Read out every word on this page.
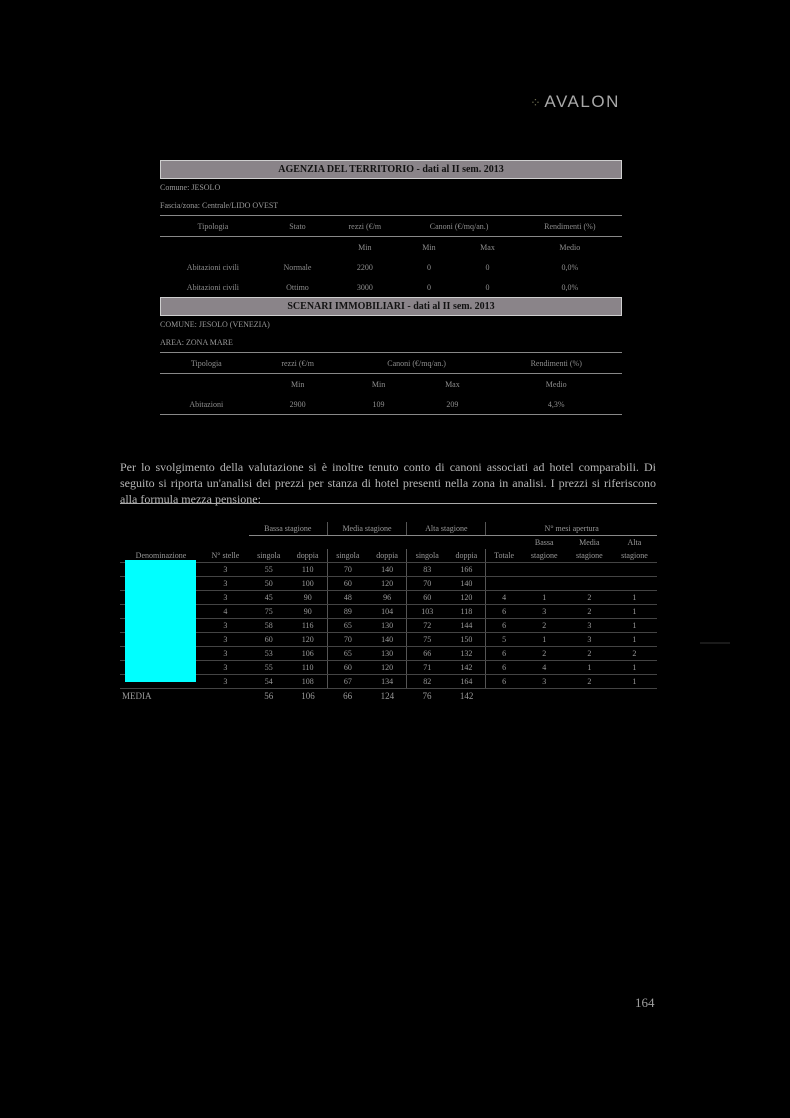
⁘ AVALON
AGENZIA DEL TERRITORIO - dati al II sem. 2013
Comune: JESOLO
Fascia/zona: Centrale/LIDO OVEST
Tipologia	Stato	rezzi (€/m	Canoni (€/mq/an.)		Rendimenti (%)
		Min	Min	Max	Medio
Abitazioni civili	Normale	2200	0	0	0,0%
Abitazioni civili	Ottimo	3000	0	0	0,0%
SCENARI IMMOBILIARI - dati al II sem. 2013
COMUNE: JESOLO (VENEZIA)
AREA: ZONA MARE
Tipologia	rezzi (€/m	Canoni (€/mq/an.)		Rendimenti (%)
	Min	Min	Max	Medio
Abitazioni	2900	109	209	4,3%

Per lo svolgimento della valutazione si è inoltre tenuto conto di canoni associati ad hotel comparabili. Di seguito si riporta un'analisi dei prezzi per stanza di hotel presenti nella zona in analisi. I prezzi si riferiscono alla formula mezza pensione:

		Bassa stagione		Media stagione		Alta stagione		N° mesi apertura			
									Bassa	Media	Alta
Denominazione	N° stelle	singola	doppia	singola	doppia	singola	doppia	Totale	stagione	stagione	stagione
	3	55	110	70	140	83	166				
	3	50	100	60	120	70	140				
	3	45	90	48	96	60	120	4	1	2	1
	4	75	90	89	104	103	118	6	3	2	1
	3	58	116	65	130	72	144	6	2	3	1
	3	60	120	70	140	75	150	5	1	3	1
	3	53	106	65	130	66	132	6	2	2	2
	3	55	110	60	120	71	142	6	4	1	1
	3	54	108	67	134	82	164	6	3	2	1
MEDIA		56	106	66	124	76	142				
164
